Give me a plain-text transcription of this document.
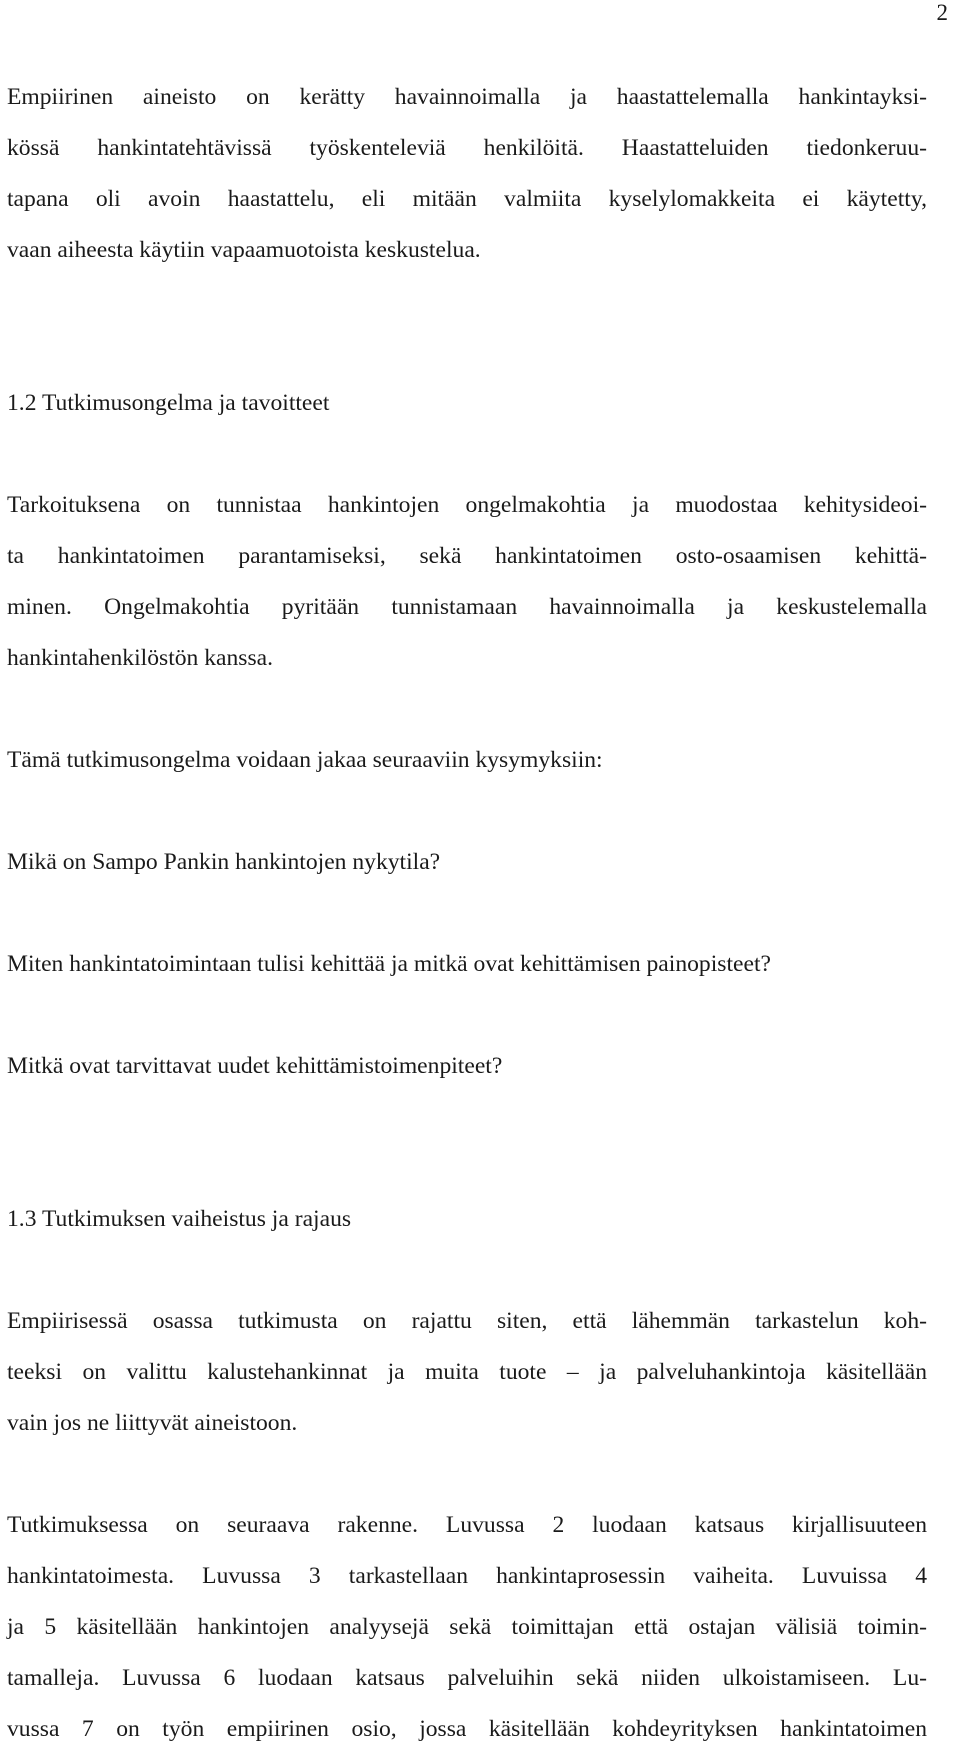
2

Empiirinen aineisto on kerätty havainnoimalla ja haastattelemalla hankintayksi-
kössä hankintatehtävissä työskenteleviä henkilöitä. Haastatteluiden tiedonkeruu-
tapana oli avoin haastattelu, eli mitään valmiita kyselylomakkeita ei käytetty,
vaan aiheesta käytiin vapaamuotoista keskustelua.

1.2 Tutkimusongelma ja tavoitteet

Tarkoituksena on tunnistaa hankintojen ongelmakohtia ja muodostaa kehitysideoi-
ta hankintatoimen parantamiseksi, sekä hankintatoimen osto-osaamisen kehittä-
minen. Ongelmakohtia pyritään tunnistamaan havainnoimalla ja keskustelemalla
hankintahenkilöstön kanssa.

Tämä tutkimusongelma voidaan jakaa seuraaviin kysymyksiin:

Mikä on Sampo Pankin hankintojen nykytila?

Miten hankintatoimintaan tulisi kehittää ja mitkä ovat kehittämisen painopisteet?

Mitkä ovat tarvittavat uudet kehittämistoimenpiteet?

1.3 Tutkimuksen vaiheistus ja rajaus

Empiirisessä osassa tutkimusta on rajattu siten, että lähemmän tarkastelun koh-
teeksi on valittu kalustehankinnat ja muita tuote – ja palveluhankintoja käsitellään
vain jos ne liittyvät aineistoon.

Tutkimuksessa on seuraava rakenne. Luvussa 2 luodaan katsaus kirjallisuuteen
hankintatoimesta. Luvussa 3 tarkastellaan hankintaprosessin vaiheita. Luvuissa 4
ja 5 käsitellään hankintojen analyysejä sekä toimittajan että ostajan välisiä toimin-
tamalleja. Luvussa 6 luodaan katsaus palveluihin sekä niiden ulkoistamiseen. Lu-
vussa 7 on työn empiirinen osio, jossa käsitellään kohdeyrityksen hankintatoimen
